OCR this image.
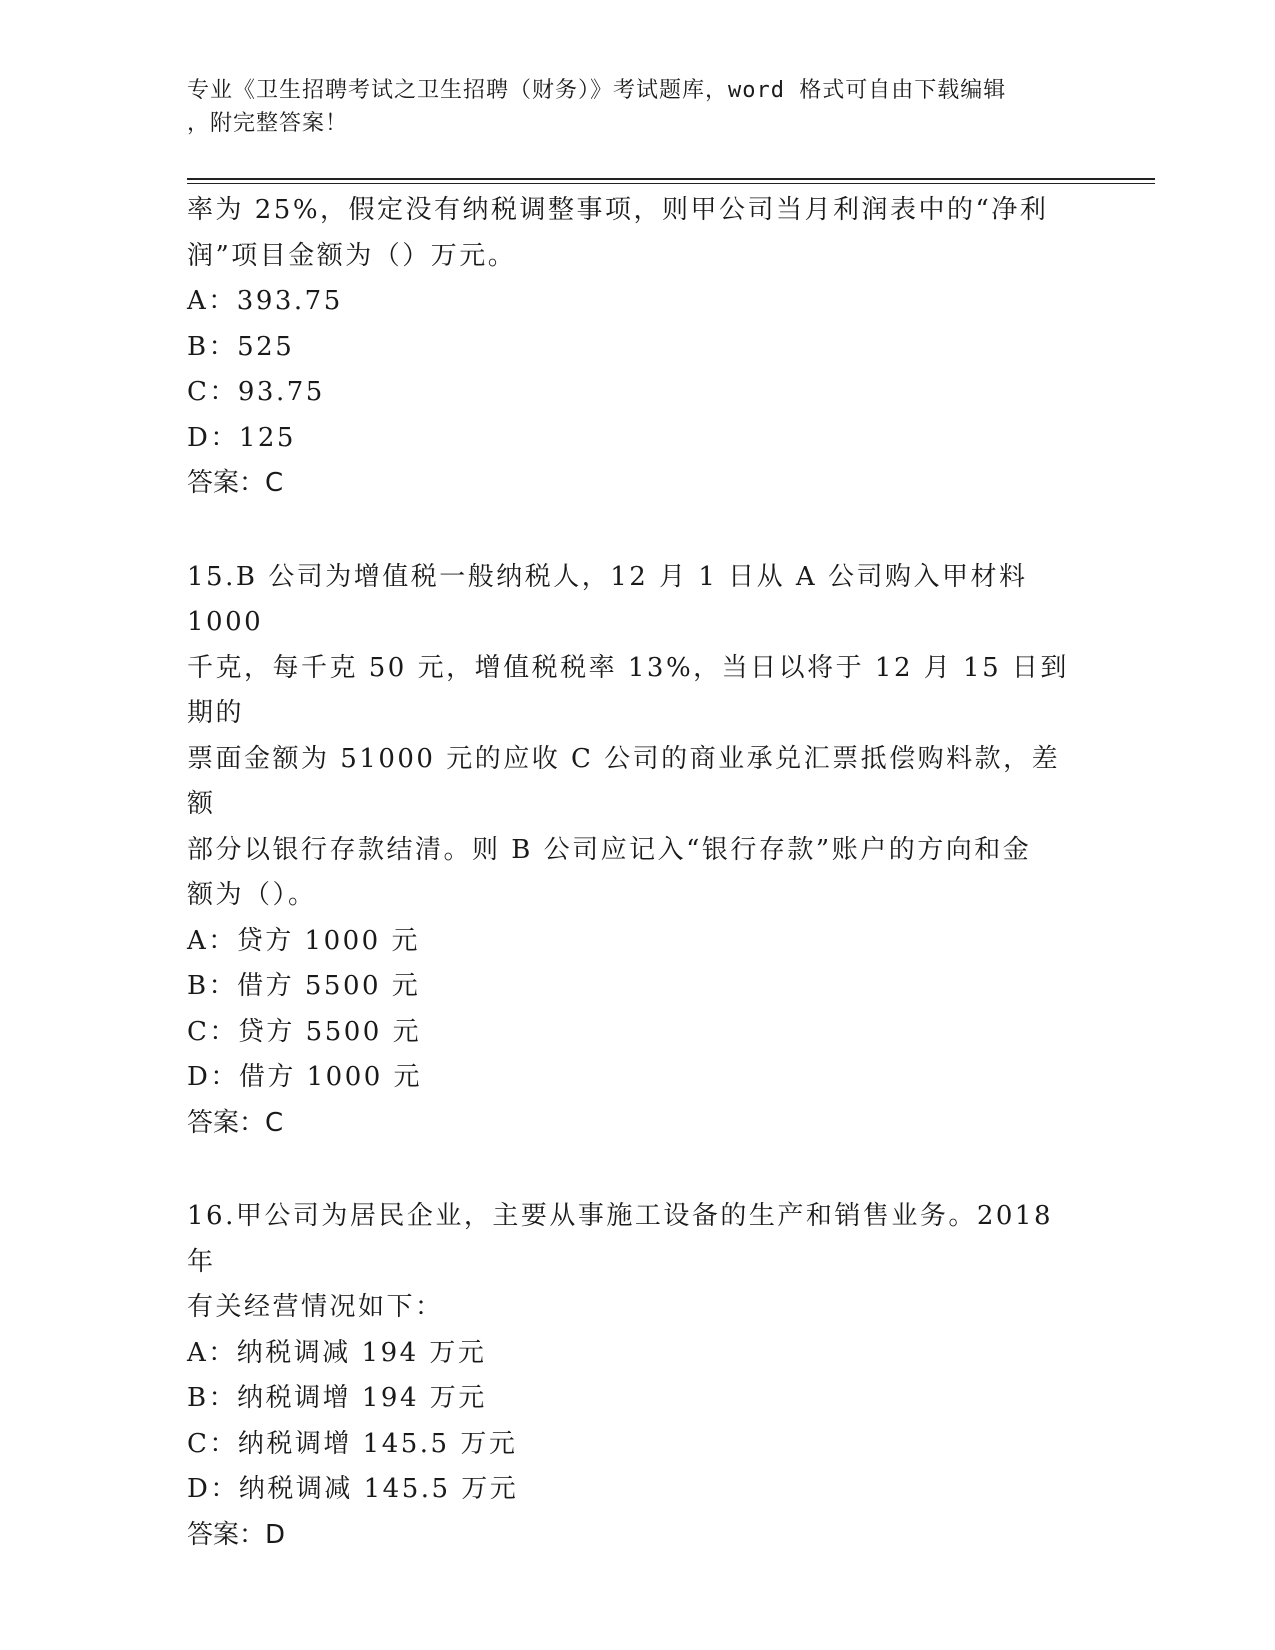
专业《卫生招聘考试之卫生招聘（财务）》考试题库，word 格式可自由下载编辑
，附完整答案！

率为 25%，假定没有纳税调整事项，则甲公司当月利润表中的“净利

润”项目金额为（）万元。

A：393.75

B：525

C：93.75

D：125

答案：C

15.B 公司为增值税一般纳税人，12 月 1 日从 A 公司购入甲材料 1000

千克，每千克 50 元，增值税税率 13%，当日以将于 12 月 15 日到期的

票面金额为 51000 元的应收 C 公司的商业承兑汇票抵偿购料款，差额

部分以银行存款结清。则 B 公司应记入“银行存款”账户的方向和金

额为（）。

A：贷方 1000 元

B：借方 5500 元

C：贷方 5500 元

D：借方 1000 元

答案：C

16.甲公司为居民企业，主要从事施工设备的生产和销售业务。2018 年

有关经营情况如下：

A：纳税调减 194 万元

B：纳税调增 194 万元

C：纳税调增 145.5 万元

D：纳税调减 145.5 万元

答案：D
